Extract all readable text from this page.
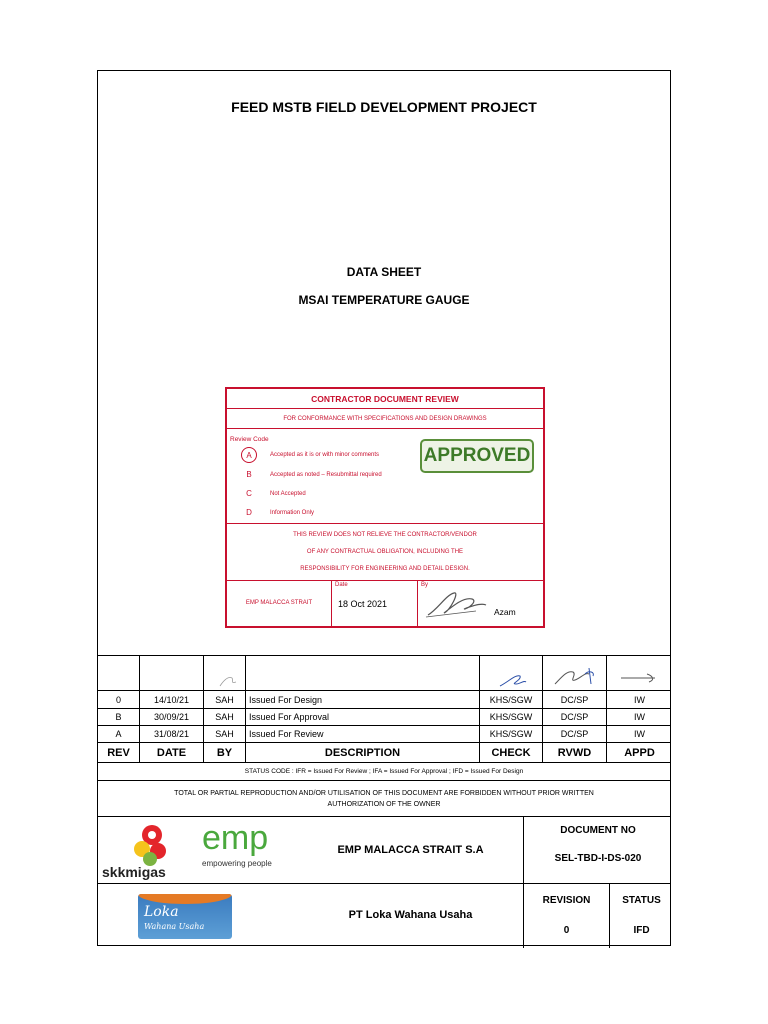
FEED MSTB FIELD DEVELOPMENT PROJECT
DATA SHEET
MSAI TEMPERATURE GAUGE
CONTRACTOR DOCUMENT REVIEW
FOR CONFORMANCE WITH SPECIFICATIONS AND DESIGN DRAWINGS
Review Code
A	Accepted as it is or with minor comments
B	Accepted as noted – Resubmittal required
C	Not Accepted
D	Information Only
APPROVED
THIS REVIEW DOES NOT RELIEVE THE CONTRACTOR/VENDOR
OF ANY CONTRACTUAL OBLIGATION, INCLUDING THE
RESPONSIBILITY FOR ENGINEERING AND DETAIL DESIGN.
EMP MALACCA STRAIT
Date
18 Oct 2021
By
Azam
0	14/10/21	SAH	Issued For Design	KHS/SGW	DC/SP	IW
B	30/09/21	SAH	Issued For Approval	KHS/SGW	DC/SP	IW
A	31/08/21	SAH	Issued For Review	KHS/SGW	DC/SP	IW
REV	DATE	BY	DESCRIPTION	CHECK	RVWD	APPD
STATUS CODE : IFR = Issued For Review ; IFA = Issued For Approval ; IFD = Issued For Design
TOTAL OR PARTIAL REPRODUCTION AND/OR UTILISATION OF THIS DOCUMENT ARE FORBIDDEN WITHOUT PRIOR WRITTEN
AUTHORIZATION OF THE OWNER
skkmigas
emp
empowering people
Loka
Wahana Usaha
EMP MALACCA STRAIT S.A
PT Loka Wahana Usaha
DOCUMENT NO
SEL-TBD-I-DS-020
REVISION
0
STATUS
IFD
